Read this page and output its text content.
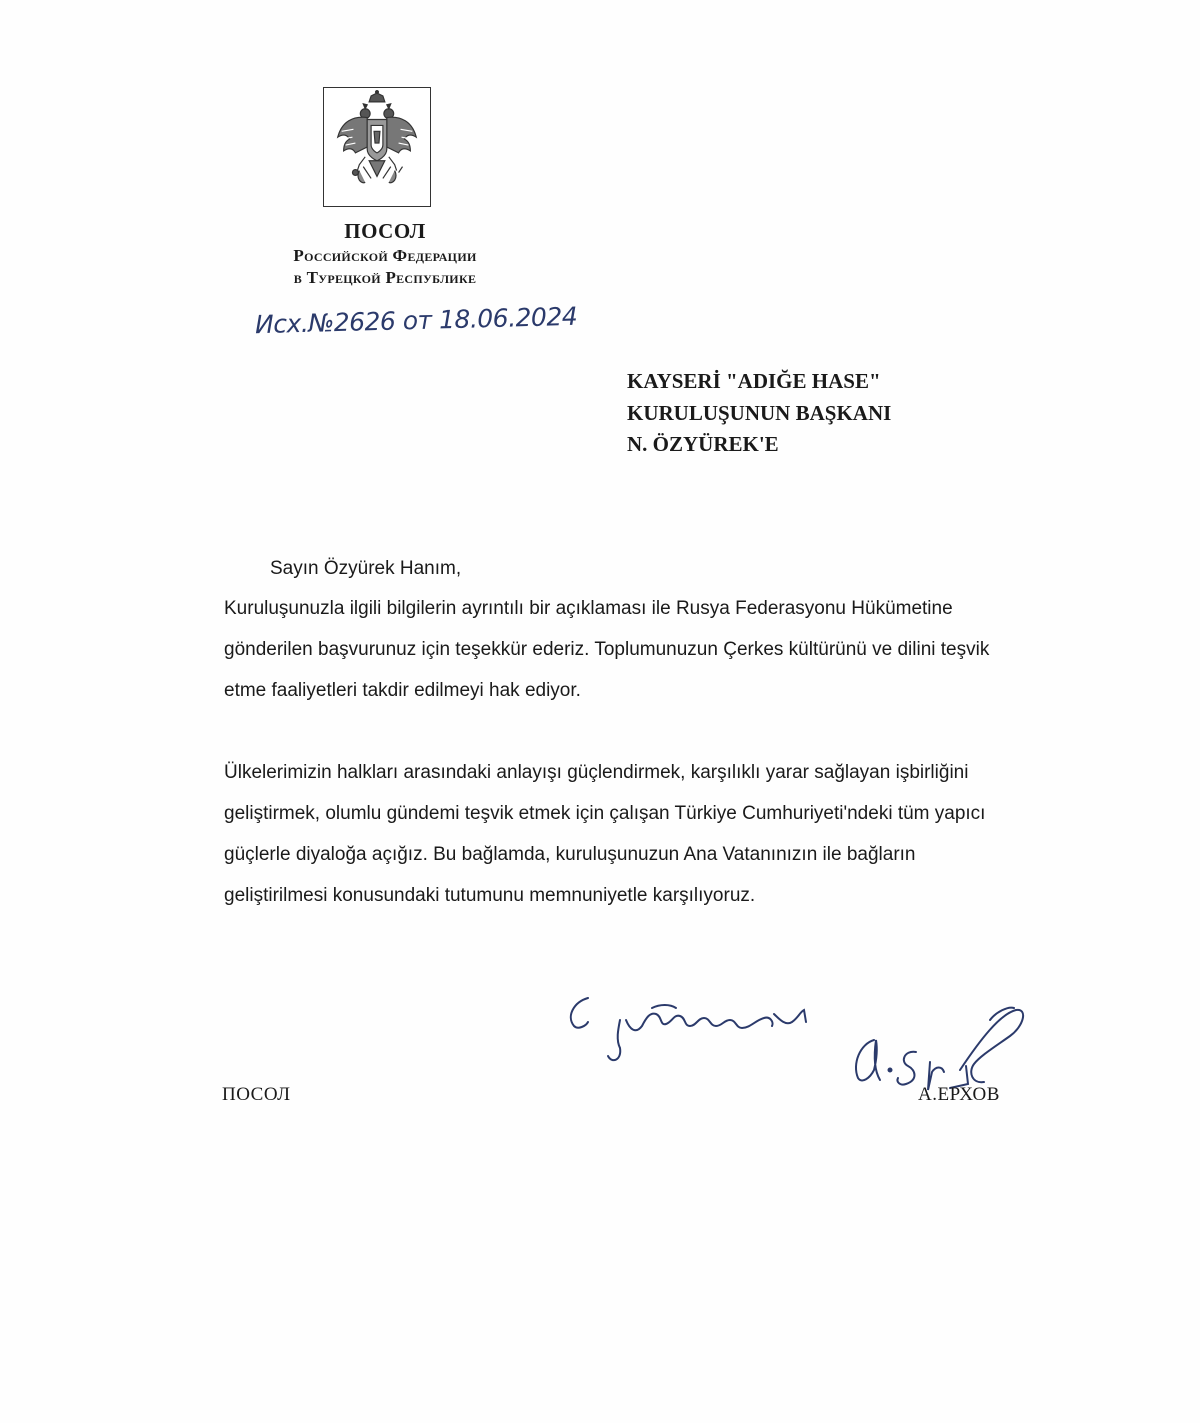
ПОСОЛ
Российской Федерации
в Турецкой Республике
Исх.№2626 от 18.06.2024
KAYSERİ "ADIĞE HASE"
KURULUŞUNUN BAŞKANI
N. ÖZYÜREK'E
Sayın Özyürek Hanım,
Kuruluşunuzla ilgili bilgilerin ayrıntılı bir açıklaması ile Rusya Federasyonu Hükümetine gönderilen başvurunuz için teşekkür ederiz. Toplumunuzun Çerkes kültürünü ve dilini teşvik etme faaliyetleri takdir edilmeyi hak ediyor.
Ülkelerimizin halkları arasındaki anlayışı güçlendirmek, karşılıklı yarar sağlayan işbirliğini geliştirmek, olumlu gündemi teşvik etmek için çalışan Türkiye Cumhuriyeti'ndeki tüm yapıcı güçlerle diyaloğa açığız. Bu bağlamda, kuruluşunuzun Ana Vatanınızın ile bağların geliştirilmesi konusundaki tutumunu memnuniyetle karşılıyoruz.
ПОСОЛ	А.ЕРХОВ
